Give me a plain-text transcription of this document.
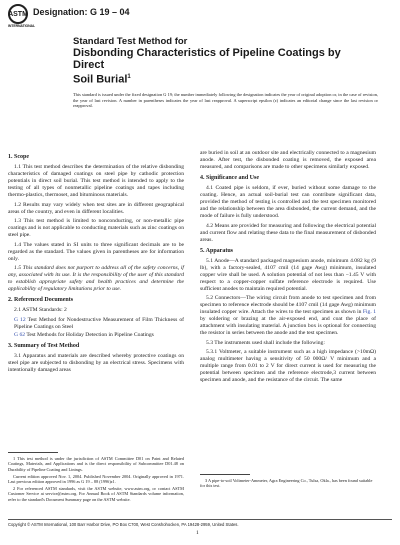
ASTM
INTERNATIONAL
Designation: G 19 – 04
Standard Test Method for
Disbonding Characteristics of Pipeline Coatings by Direct
Soil Burial$^1$
This standard is issued under the fixed designation G 19; the number immediately following the designation indicates the year of original adoption or, in the case of revision, the year of last revision. A number in parentheses indicates the year of last reapproval. A superscript epsilon (ε) indicates an editorial change since the last revision or reapproval.
1. Scope

1.1 This test method describes the determination of the relative disbonding characteristics of damaged coatings on steel pipe by cathodic protection potentials in direct soil burial. This test method is intended to apply to the testing of all types of nonmetallic pipeline coatings and tapes including thermo-plastics, thermoset, and bituminous materials.

1.2 Results may vary widely when test sites are in different geographical areas of the country, and even in different localities.

1.3 This test method is limited to nonconducting, or non-metallic pipe coatings and is not applicable to conducting materials such as zinc coatings on steel pipe.

1.4 The values stated in SI units to three significant decimals are to be regarded as the standard. The values given in parentheses are for information only.

1.5 This standard does not purport to address all of the safety concerns, if any, associated with its use. It is the responsibility of the user of this standard to establish appropriate safety and health practices and determine the applicability of regulatory limitations prior to use.

2. Referenced Documents

2.1 ASTM Standards: 2

G 12 Test Method for Nondestructive Measurement of Film Thickness of Pipeline Coatings on Steel
G 62 Test Methods for Holiday Detection in Pipeline Coatings
3. Summary of Test Method

3.1 Apparatus and materials are described whereby protective coatings on steel pipe are subjected to disbonding by an electrical stress. Specimens with intentionally damaged areas

are buried in soil at an outdoor site and electrically connected to a magnesium anode. After test, the disbonded coating is removed, the exposed area measured, and comparisons are made to other specimens similarly exposed.

4. Significance and Use

4.1 Coated pipe is seldom, if ever, buried without some damage to the coating. Hence, an actual soil-burial test can contribute significant data, provided the method of testing is controlled and the test specimen monitored and the relationship between the area disbonded, the current demand, and the mode of failure is fully understood.

4.2 Means are provided for measuring and following the electrical potential and current flow and relating these data to the final measurement of disbonded areas.

5. Apparatus

5.1 Anode—A standard packaged magnesium anode, minimum 4.082 kg (9 lb), with a factory-sealed, 4107 cmil (14 gage Awg) minimum, insulated copper wire shall be used. A solution potential of not less than −1.45 V with respect to a copper-copper sulfate reference electrode is required. Use sufficient anodes to maintain required potential.

5.2 Connectors—The wiring circuit from anode to test specimen and from specimen to reference electrode should be 4107 cmil (14 gage Awg) minimum insulated copper wire. Attach the wires to the test specimen as shown in Fig. 1 by soldering or brazing at the air-exposed end, and coat the place of attachment with insulating material. A junction box is optional for connecting the resistor in series between the anode and the test specimen.

5.3 The instruments used shall include the following:

5.3.1 Voltmeter, a suitable instrument such as a high impedance (>10mΩ) analog multimeter having a sensitivity of 50 000Ω/ V minimum and a multiple range from 0.01 to 2 V for direct current is used for measuring the potential between specimen and the reference electrode,3 current between specimen and anode, and the resistance of the circuit. The same

1 This test method is under the jurisdiction of ASTM Committee D01 on Paint and Related Coatings, Materials, and Applications and is the direct responsibility of Subcommittee D01.48 on Durability of Pipeline Coating and Linings.

Current edition approved Nov. 1, 2004. Published November 2004. Originally approved in 1971. Last previous edition approved in 1996 as G 19 – 88 (1996)ε1.

2 For referenced ASTM standards, visit the ASTM website, www.astm.org, or contact ASTM Customer Service at service@astm.org. For Annual Book of ASTM Standards volume information, refer to the standard's Document Summary page on the ASTM website.

3 A pipe-to-soil Voltmeter-Ammeter, Agra Engineering Co., Tulsa, Okla., has been found suitable for this test.

Copyright © ASTM International, 100 Barr Harbor Drive, PO Box C700, West Conshohocken, PA 19428-2959, United States.
1
